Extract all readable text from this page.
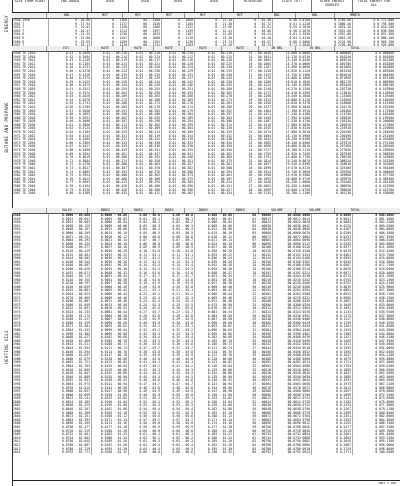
ENERGY
BUTANE AND PROPANE
HEATING OILS
SIXE FORM PLANT	LNG ADDED	USED	USED	USED	USED	RIVERSIDE	STATE TOT.	OTHER ENERGY SOURCES
TOTAL ENERGY FOR ALL
BBL	MCF	MCF	MCF	MCF	MCF	BBL	BBL	MMBTU
1948-1950	9 .20.06	0 - 1160	00 - 1480	0 - 1060	0 - 21.10	0 - 02.50	0.48 3.0700	0 1740.00	0 0 771.000
1951 T	9 .17.94	0 - 1172	00 - 1520	0 - 1105	0 - 21.38	0 - 02.72	0.51 3.1220	0 1806.40	0 0 794.500
1952 T	9 .19.01	0 - 1190	00 - 1566	0 - 1132	0 - 21.96	0 - 02.91	0.55 3.2010	0 1870.10	0 0 810.200
1953 T	9 .20.47	0 - 1214	00 - 1597	0 - 1159	0 - 22.41	0 - 03.08	0.58 3.2870	0 1932.60	0 0 836.900
1954 R	9 .21.32	0 - 1236	00 - 1633	0 - 1187	0 - 22.89	0 - 03.24	0.61 3.3550	0 1997.80	0 0 857.300
1955 R	9 .22.80	0 - 1261	00 - 1668	0 - 1210	0 - 23.30	0 - 03.40	0.64 3.4310	0 2061.20	0 0 880.100
1956 R	9 .23.95	0 - 1289	00 - 1702	0 - 1238	0 - 23.74	0 - 03.57	0.68 3.5060	0 2126.90	0 0 903.700
EST.	RATE	RATE	RATE	RATE	RATE	IN BBL	IN BBL	TOTAL
1948 TE 2010	0.41 - 0.2050	0.01 - 00.210	0.01 - 00.210	0.01 - 00.210	0.01 - 00.210	15 - 00.1020	15.000 0.0000	0.000000	0 0.000000
1949 TE 2010	0.42 - 0.2094	0.01 - 00.214	0.01 - 00.213	0.01 - 00.212	0.01 - 00.215	15 - 00.1041	15.120 0.0210	0.010240	0 0.010500
1950 TE 2012	0.43 - 0.2139	0.01 - 00.219	0.01 - 00.217	0.01 - 00.216	0.01 - 00.220	16 - 00.1063	15.240 0.0430	0.020510	0 0.021300
1951 TE 2012	0.44 - 0.2185	0.01 - 00.224	0.01 - 00.221	0.01 - 00.220	0.01 - 00.225	16 - 00.1085	15.370 0.0660	0.030780	0 0.032000
1952 TE 2014	0.45 - 0.2231	0.01 - 00.229	0.01 - 00.226	0.01 - 00.224	0.01 - 00.230	16 - 00.1107	15.490 0.0890	0.041060	0 0.042800
1953 TE 2014	0.46 - 0.2278	0.01 - 00.234	0.01 - 00.230	0.01 - 00.229	0.01 - 00.235	17 - 00.1130	15.620 0.1120	0.051330	0 0.053500
1954 TE 2016	0.47 - 0.2326	0.01 - 00.239	0.01 - 00.235	0.01 - 00.233	0.01 - 00.240	17 - 00.1153	15.750 0.1360	0.061610	0 0.064300
1955 TE 2016	0.48 - 0.2374	0.01 - 00.244	0.01 - 00.239	0.01 - 00.237	0.01 - 00.245	17 - 00.1176	15.880 0.1600	0.071890	0 0.075100
1956 TE 2018	0.49 - 0.2423	0.01 - 00.249	0.01 - 00.244	0.01 - 00.242	0.01 - 00.250	18 - 00.1200	16.010 0.1840	0.082170	0 0.085900
1957 TE 2018	0.50 - 0.2473	0.01 - 00.254	0.01 - 00.249	0.01 - 00.246	0.01 - 00.255	18 - 00.1224	16.140 0.2090	0.092450	0 0.096700
1958 TE 2020	0.51 - 0.2523	0.01 - 00.259	0.01 - 00.253	0.01 - 00.251	0.01 - 00.260	18 - 00.1248	16.270 0.2340	0.102730	0 0.107600
1959 TE 2020	0.52 - 0.2574	0.01 - 00.264	0.01 - 00.258	0.01 - 00.255	0.01 - 00.265	19 - 00.1273	16.410 0.2590	0.113010	0 0.118500
1960 TE 2022	0.53 - 0.2626	0.01 - 00.269	0.01 - 00.263	0.01 - 00.260	0.01 - 00.270	19 - 00.1298	16.540 0.2850	0.123300	0 0.129400
1961 TE 2022	0.54 - 0.2678	0.01 - 00.274	0.01 - 00.268	0.01 - 00.265	0.01 - 00.275	19 - 00.1324	16.680 0.3110	0.133590	0 0.140300
1962 TE 2024	0.55 - 0.2731	0.01 - 00.280	0.01 - 00.273	0.01 - 00.270	0.01 - 00.281	20 - 00.1350	16.820 0.3370	0.143880	0 0.151300
1963 TE 2024	0.56 - 0.2785	0.01 - 00.285	0.01 - 00.278	0.01 - 00.274	0.01 - 00.286	20 - 00.1377	16.960 0.3640	0.154170	0 0.162300
1964 TE 2026	0.57 - 0.2840	0.01 - 00.291	0.01 - 00.283	0.01 - 00.279	0.01 - 00.292	20 - 00.1404	17.100 0.3910	0.164460	0 0.173300
1965 TE 2026	0.58 - 0.2895	0.01 - 00.296	0.01 - 00.288	0.01 - 00.284	0.01 - 00.297	21 - 00.1431	17.240 0.4180	0.174750	0 0.184400
1966 TE 2028	0.59 - 0.2951	0.01 - 00.302	0.01 - 00.293	0.01 - 00.289	0.01 - 00.303	21 - 00.1459	17.390 0.4460	0.185040	0 0.195500
1967 TE 2028	0.60 - 0.3008	0.01 - 00.307	0.01 - 00.298	0.01 - 00.294	0.01 - 00.308	21 - 00.1487	17.530 0.4740	0.195330	0 0.206600
1968 TE 2030	0.61 - 0.3066	0.01 - 00.313	0.01 - 00.303	0.01 - 00.299	0.01 - 00.314	22 - 00.1516	17.680 0.5030	0.205620	0 0.217800
1969 TE 2030	0.62 - 0.3124	0.01 - 00.319	0.01 - 00.309	0.01 - 00.304	0.01 - 00.320	22 - 00.1545	17.830 0.5320	0.215910	0 0.229000
1970 TE 2032	0.63 - 0.3183	0.01 - 00.325	0.01 - 00.314	0.01 - 00.309	0.01 - 00.326	22 - 00.1574	17.980 0.5610	0.226200	0 0.240200
1971 TE 2032	0.64 - 0.3243	0.01 - 00.331	0.01 - 00.319	0.01 - 00.314	0.01 - 00.332	23 - 00.1604	18.130 0.5900	0.236490	0 0.251500
1972 TE 2034	0.65 - 0.3304	0.01 - 00.337	0.01 - 00.325	0.01 - 00.319	0.01 - 00.338	23 - 00.1634	18.290 0.6200	0.246780	0 0.262800
1973 TE 2034	0.66 - 0.3365	0.01 - 00.343	0.01 - 00.330	0.01 - 00.325	0.01 - 00.344	23 - 00.1665	18.440 0.6500	0.257070	0 0.274100
1974 TE 2036	0.67 - 0.3427	0.01 - 00.349	0.01 - 00.336	0.01 - 00.330	0.01 - 00.350	24 - 00.1696	18.600 0.6810	0.267360	0 0.285500
1975 TE 2036	0.68 - 0.3490	0.01 - 00.355	0.01 - 00.341	0.01 - 00.335	0.01 - 00.356	24 - 00.1727	18.760 0.7120	0.277650	0 0.296900
1976 TE 2038	0.69 - 0.3554	0.01 - 00.361	0.01 - 00.347	0.01 - 00.341	0.01 - 00.362	24 - 00.1759	18.920 0.7430	0.287940	0 0.308300
1977 TE 2038	0.70 - 0.3619	0.01 - 00.368	0.01 - 00.353	0.01 - 00.346	0.01 - 00.369	25 - 00.1791	19.080 0.7750	0.298230	0 0.319800
1978 TE 2040	0.71 - 0.3684	0.01 - 00.374	0.01 - 00.358	0.01 - 00.351	0.01 - 00.375	25 - 00.1824	19.240 0.8070	0.308520	0 0.331300
1979 TE 2040	0.72 - 0.3750	0.01 - 00.380	0.01 - 00.364	0.01 - 00.357	0.01 - 00.381	25 - 00.1857	19.410 0.8390	0.318810	0 0.342800
1980 TE 2042	0.73 - 0.3817	0.01 - 00.387	0.01 - 00.370	0.01 - 00.362	0.01 - 00.388	26 - 00.1890	19.570 0.8720	0.329100	0 0.354400
1981 TE 2042	0.74 - 0.3885	0.01 - 00.393	0.01 - 00.376	0.01 - 00.368	0.01 - 00.394	26 - 00.1924	19.740 0.9050	0.339390	0 0.366000
1982 TE 2044	0.75 - 0.3954	0.01 - 00.400	0.01 - 00.382	0.01 - 00.373	0.01 - 00.401	26 - 00.1958	19.910 0.9380	0.349680	0 0.377700
1983 TE 2044	0.76 - 0.4023	0.01 - 00.406	0.01 - 00.388	0.01 - 00.379	0.01 - 00.407	27 - 00.1993	20.080 0.9720	0.359970	0 0.389400
1984 TE 2046	0.77 - 0.4093	0.01 - 00.413	0.01 - 00.394	0.01 - 00.385	0.01 - 00.414	27 - 00.2028	20.250 1.0060	0.370260	0 0.401100
1985 TE 2046	0.78 - 0.4164	0.01 - 00.420	0.01 - 00.400	0.01 - 00.390	0.01 - 00.421	27 - 00.2063	20.430 1.0400	0.380550	0 0.412900
1986 TE 2048	0.79 - 0.4236	0.01 - 00.426	0.01 - 00.406	0.01 - 00.396	0.01 - 00.427	28 - 00.2099	20.600 1.0750	0.390840	0 0.424700
1987 TE 2048	0.80 - 0.4309	0.01 - 00.433	0.01 - 00.412	0.01 - 00.402	0.01 - 00.434	28 - 00.2135	20.780 1.1100	0.401130	0 0.436600
SALES	INDEX	INDEX	INDEX	INDEX	INDEX	VOLUME	VOLUME	TOTAL
1948	0.0000 - 00.000	0.0000 - 00.00	0.00 - 00.0	0.00 - 00.0	0.000 - 00.00	00 - 00000	00.0000 0000	0 0.0000	0 000.0000
1949	0.0012 - 00.041	0.0003 - 00.02	0.01 - 00.1	0.01 - 00.1	0.003 - 00.02	01 - 00012	00.0012 0014	0 0.0041	0 001.2000
1950	0.0024 - 00.083	0.0006 - 00.04	0.02 - 00.2	0.02 - 00.2	0.006 - 00.04	02 - 00024	00.0024 0028	0 0.0083	0 002.4100
1951	0.0036 - 00.125	0.0009 - 00.06	0.03 - 00.3	0.03 - 00.3	0.009 - 00.06	03 - 00036	00.0036 0042	0 0.0125	0 003.6300
1952	0.0048 - 00.167	0.0012 - 00.08	0.04 - 00.4	0.04 - 00.4	0.012 - 00.08	04 - 00048	00.0048 0056	0 0.0167	0 004.8600
1953	0.0060 - 00.209	0.0015 - 00.10	0.05 - 00.5	0.05 - 00.5	0.015 - 00.10	05 - 00060	00.0060 0070	0 0.0209	0 006.1000
1954	0.0072 - 00.251	0.0018 - 00.12	0.06 - 00.6	0.06 - 00.6	0.018 - 00.12	06 - 00072	00.0072 0084	0 0.0251	0 007.3500
1955	0.0084 - 00.293	0.0021 - 00.14	0.07 - 00.7	0.07 - 00.7	0.021 - 00.14	07 - 00084	00.0084 0098	0 0.0293	0 008.6100
1956	0.0096 - 00.335	0.0024 - 00.16	0.08 - 00.8	0.08 - 00.8	0.024 - 00.16	08 - 00096	00.0096 0112	0 0.0335	0 009.8800
1957	0.0108 - 00.377	0.0027 - 00.18	0.09 - 00.9	0.09 - 00.9	0.027 - 00.18	09 - 00108	00.0108 0126	0 0.0377	0 011.1600
1958	0.0120 - 00.419	0.0030 - 00.20	0.10 - 01.0	0.10 - 01.0	0.030 - 00.20	10 - 00120	00.0120 0140	0 0.0419	0 012.4500
1959	0.0132 - 00.461	0.0033 - 00.22	0.11 - 01.1	0.11 - 01.1	0.033 - 00.22	11 - 00132	00.0132 0154	0 0.0461	0 013.7500
1960	0.0144 - 00.503	0.0036 - 00.24	0.12 - 01.2	0.12 - 01.2	0.036 - 00.24	12 - 00144	00.0144 0168	0 0.0503	0 015.0600
1961	0.0156 - 00.545	0.0039 - 00.26	0.13 - 01.3	0.13 - 01.3	0.039 - 00.26	13 - 00156	00.0156 0182	0 0.0545	0 016.3800
1962	0.0168 - 00.587	0.0042 - 00.28	0.14 - 01.4	0.14 - 01.4	0.042 - 00.28	14 - 00168	00.0168 0196	0 0.0587	0 017.7100
1963	0.0180 - 00.629	0.0045 - 00.30	0.15 - 01.5	0.15 - 01.5	0.045 - 00.30	15 - 00180	00.0180 0210	0 0.0629	0 019.0500
1964	0.0192 - 00.671	0.0048 - 00.32	0.16 - 01.6	0.16 - 01.6	0.048 - 00.32	16 - 00192	00.0192 0224	0 0.0671	0 020.4000
1965	0.0204 - 00.713	0.0051 - 00.34	0.17 - 01.7	0.17 - 01.7	0.051 - 00.34	17 - 00204	00.0204 0238	0 0.0713	0 021.7600
1966	0.0216 - 00.755	0.0054 - 00.36	0.18 - 01.8	0.18 - 01.8	0.054 - 00.36	18 - 00216	00.0216 0252	0 0.0755	0 023.1300
1967	0.0228 - 00.797	0.0057 - 00.38	0.19 - 01.9	0.19 - 01.9	0.057 - 00.38	19 - 00228	00.0228 0266	0 0.0797	0 024.5100
1968	0.0240 - 00.839	0.0060 - 00.40	0.20 - 02.0	0.20 - 02.0	0.060 - 00.40	20 - 00240	00.0240 0280	0 0.0839	0 025.9000
1969	0.0252 - 00.881	0.0063 - 00.42	0.21 - 02.1	0.21 - 02.1	0.063 - 00.42	21 - 00252	00.0252 0294	0 0.0881	0 027.3000
1970	0.0264 - 00.923	0.0066 - 00.44	0.22 - 02.2	0.22 - 02.2	0.066 - 00.44	22 - 00264	00.0264 0308	0 0.0923	0 028.7100
1971	0.0276 - 00.965	0.0069 - 00.46	0.23 - 02.3	0.23 - 02.3	0.069 - 00.46	23 - 00276	00.0276 0322	0 0.0965	0 030.1300
1972	0.0288 - 01.007	0.0072 - 00.48	0.24 - 02.4	0.24 - 02.4	0.072 - 00.48	24 - 00288	00.0288 0336	0 0.1007	0 031.5600
1973	0.0300 - 01.049	0.0075 - 00.50	0.25 - 02.5	0.25 - 02.5	0.075 - 00.50	25 - 00300	00.0300 0350	0 0.1049	0 033.0000
1974	0.0312 - 01.091	0.0078 - 00.52	0.26 - 02.6	0.26 - 02.6	0.078 - 00.52	26 - 00312	00.0312 0364	0 0.1091	0 034.4500
1975	0.0324 - 01.133	0.0081 - 00.54	0.27 - 02.7	0.27 - 02.7	0.081 - 00.54	27 - 00324	00.0324 0378	0 0.1133	0 035.9100
1976	0.0336 - 01.175	0.0084 - 00.56	0.28 - 02.8	0.28 - 02.8	0.084 - 00.56	28 - 00336	00.0336 0392	0 0.1175	0 037.3800
1977	0.0348 - 01.217	0.0087 - 00.58	0.29 - 02.9	0.29 - 02.9	0.087 - 00.58	29 - 00348	00.0348 0406	0 0.1217	0 038.8600
1978	0.0360 - 01.259	0.0090 - 00.60	0.30 - 03.0	0.30 - 03.0	0.090 - 00.60	30 - 00360	00.0360 0420	0 0.1259	0 040.3500
1979	0.0372 - 01.301	0.0093 - 00.62	0.31 - 03.1	0.31 - 03.1	0.093 - 00.62	31 - 00372	00.0372 0434	0 0.1301	0 041.8500
1980	0.0384 - 01.343	0.0096 - 00.64	0.32 - 03.2	0.32 - 03.2	0.096 - 00.64	32 - 00384	00.0384 0448	0 0.1343	0 043.3600
1981	0.0396 - 01.385	0.0099 - 00.66	0.33 - 03.3	0.33 - 03.3	0.099 - 00.66	33 - 00396	00.0396 0462	0 0.1385	0 044.8800
1982	0.0408 - 01.427	0.0102 - 00.68	0.34 - 03.4	0.34 - 03.4	0.102 - 00.68	34 - 00408	00.0408 0476	0 0.1427	0 046.4100
1983	0.0420 - 01.469	0.0105 - 00.70	0.35 - 03.5	0.35 - 03.5	0.105 - 00.70	35 - 00420	00.0420 0490	0 0.1469	0 047.9500
1984	0.0432 - 01.511	0.0108 - 00.72	0.36 - 03.6	0.36 - 03.6	0.108 - 00.72	36 - 00432	00.0432 0504	0 0.1511	0 049.5000
1985	0.0444 - 01.553	0.0111 - 00.74	0.37 - 03.7	0.37 - 03.7	0.111 - 00.74	37 - 00444	00.0444 0518	0 0.1553	0 051.0600
1986	0.0456 - 01.595	0.0114 - 00.76	0.38 - 03.8	0.38 - 03.8	0.114 - 00.76	38 - 00456	00.0456 0532	0 0.1595	0 052.6300
1987	0.0468 - 01.637	0.0117 - 00.78	0.39 - 03.9	0.39 - 03.9	0.117 - 00.78	39 - 00468	00.0468 0546	0 0.1637	0 054.2100
1988	0.0480 - 01.679	0.0120 - 00.80	0.40 - 04.0	0.40 - 04.0	0.120 - 00.80	40 - 00480	00.0480 0560	0 0.1679	0 055.8000
1989	0.0492 - 01.721	0.0123 - 00.82	0.41 - 04.1	0.41 - 04.1	0.123 - 00.82	41 - 00492	00.0492 0574	0 0.1721	0 057.4000
1990	0.0504 - 01.763	0.0126 - 00.84	0.42 - 04.2	0.42 - 04.2	0.126 - 00.84	42 - 00504	00.0504 0588	0 0.1763	0 059.0100
1991	0.0516 - 01.805	0.0129 - 00.86	0.43 - 04.3	0.43 - 04.3	0.129 - 00.86	43 - 00516	00.0516 0602	0 0.1805	0 060.6300
1992	0.0528 - 01.847	0.0132 - 00.88	0.44 - 04.4	0.44 - 04.4	0.132 - 00.88	44 - 00528	00.0528 0616	0 0.1847	0 062.2600
1993	0.0540 - 01.889	0.0135 - 00.90	0.45 - 04.5	0.45 - 04.5	0.135 - 00.90	45 - 00540	00.0540 0630	0 0.1889	0 063.9000
1994	0.0552 - 01.931	0.0138 - 00.92	0.46 - 04.6	0.46 - 04.6	0.138 - 00.92	46 - 00552	00.0552 0644	0 0.1931	0 065.5500
1995	0.0564 - 01.973	0.0141 - 00.94	0.47 - 04.7	0.47 - 04.7	0.141 - 00.94	47 - 00564	00.0564 0658	0 0.1973	0 067.2100
1996	0.0576 - 02.015	0.0144 - 00.96	0.48 - 04.8	0.48 - 04.8	0.144 - 00.96	48 - 00576	00.0576 0672	0 0.2015	0 068.8800
1997	0.0588 - 02.057	0.0147 - 00.98	0.49 - 04.9	0.49 - 04.9	0.147 - 00.98	49 - 00588	00.0588 0686	0 0.2057	0 070.5600
1998	0.0600 - 02.099	0.0150 - 01.00	0.50 - 05.0	0.50 - 05.0	0.150 - 01.00	50 - 00600	00.0600 0700	0 0.2099	0 072.2500
1999	0.0612 - 02.141	0.0153 - 01.02	0.51 - 05.1	0.51 - 05.1	0.153 - 01.02	51 - 00612	00.0612 0714	0 0.2141	0 073.9500
2000	0.0624 - 02.183	0.0156 - 01.04	0.52 - 05.2	0.52 - 05.2	0.156 - 01.04	52 - 00624	00.0624 0728	0 0.2183	0 075.6600
2001	0.0636 - 02.225	0.0159 - 01.06	0.53 - 05.3	0.53 - 05.3	0.159 - 01.06	53 - 00636	00.0636 0742	0 0.2225	0 077.3800
2002	0.0648 - 02.267	0.0162 - 01.08	0.54 - 05.4	0.54 - 05.4	0.162 - 01.08	54 - 00648	00.0648 0756	0 0.2267	0 079.1100
2003	0.0660 - 02.309	0.0165 - 01.10	0.55 - 05.5	0.55 - 05.5	0.165 - 01.10	55 - 00660	00.0660 0770	0 0.2309	0 080.8500
2004	0.0672 - 02.351	0.0168 - 01.12	0.56 - 05.6	0.56 - 05.6	0.168 - 01.12	56 - 00672	00.0672 0784	0 0.2351	0 082.6000
2005	0.0684 - 02.393	0.0171 - 01.14	0.57 - 05.7	0.57 - 05.7	0.171 - 01.14	57 - 00684	00.0684 0798	0 0.2393	0 084.3600
2006	0.0696 - 02.435	0.0174 - 01.16	0.58 - 05.8	0.58 - 05.8	0.174 - 01.16	58 - 00696	00.0696 0812	0 0.2435	0 086.1300
2007	0.0708 - 02.477	0.0177 - 01.18	0.59 - 05.9	0.59 - 05.9	0.177 - 01.18	59 - 00708	00.0708 0826	0 0.2477	0 087.9100
2008	0.0720 - 02.519	0.0180 - 01.20	0.60 - 06.0	0.60 - 06.0	0.180 - 01.20	60 - 00720	00.0720 0840	0 0.2519	0 089.7000
2009	0.0732 - 02.561	0.0183 - 01.22	0.61 - 06.1	0.61 - 06.1	0.183 - 01.22	61 - 00732	00.0732 0854	0 0.2561	0 091.5000
2010	0.0744 - 02.603	0.0186 - 01.24	0.62 - 06.2	0.62 - 06.2	0.186 - 01.24	62 - 00744	00.0744 0868	0 0.2603	0 093.3100
2011	0.0756 - 02.645	0.0189 - 01.26	0.63 - 06.3	0.63 - 06.3	0.189 - 01.26	63 - 00756	00.0756 0882	0 0.2645	0 095.1300
2012	0.0768 - 02.687	0.0192 - 01.28	0.64 - 06.4	0.64 - 06.4	0.192 - 01.28	64 - 00768	00.0768 0896	0 0.2687	0 096.9600
2013	0.0780 - 02.729	0.0195 - 01.30	0.65 - 06.5	0.65 - 06.5	0.195 - 01.30	65 - 00780	00.0780 0910	0 0.2729	0 098.8000
2014	0.0792 - 02.771	0.0198 - 01.32	0.66 - 06.6	0.66 - 06.6	0.198 - 01.32	66 - 00792	00.0792 0924	0 0.2771	0 100.6500
1967 = 100
